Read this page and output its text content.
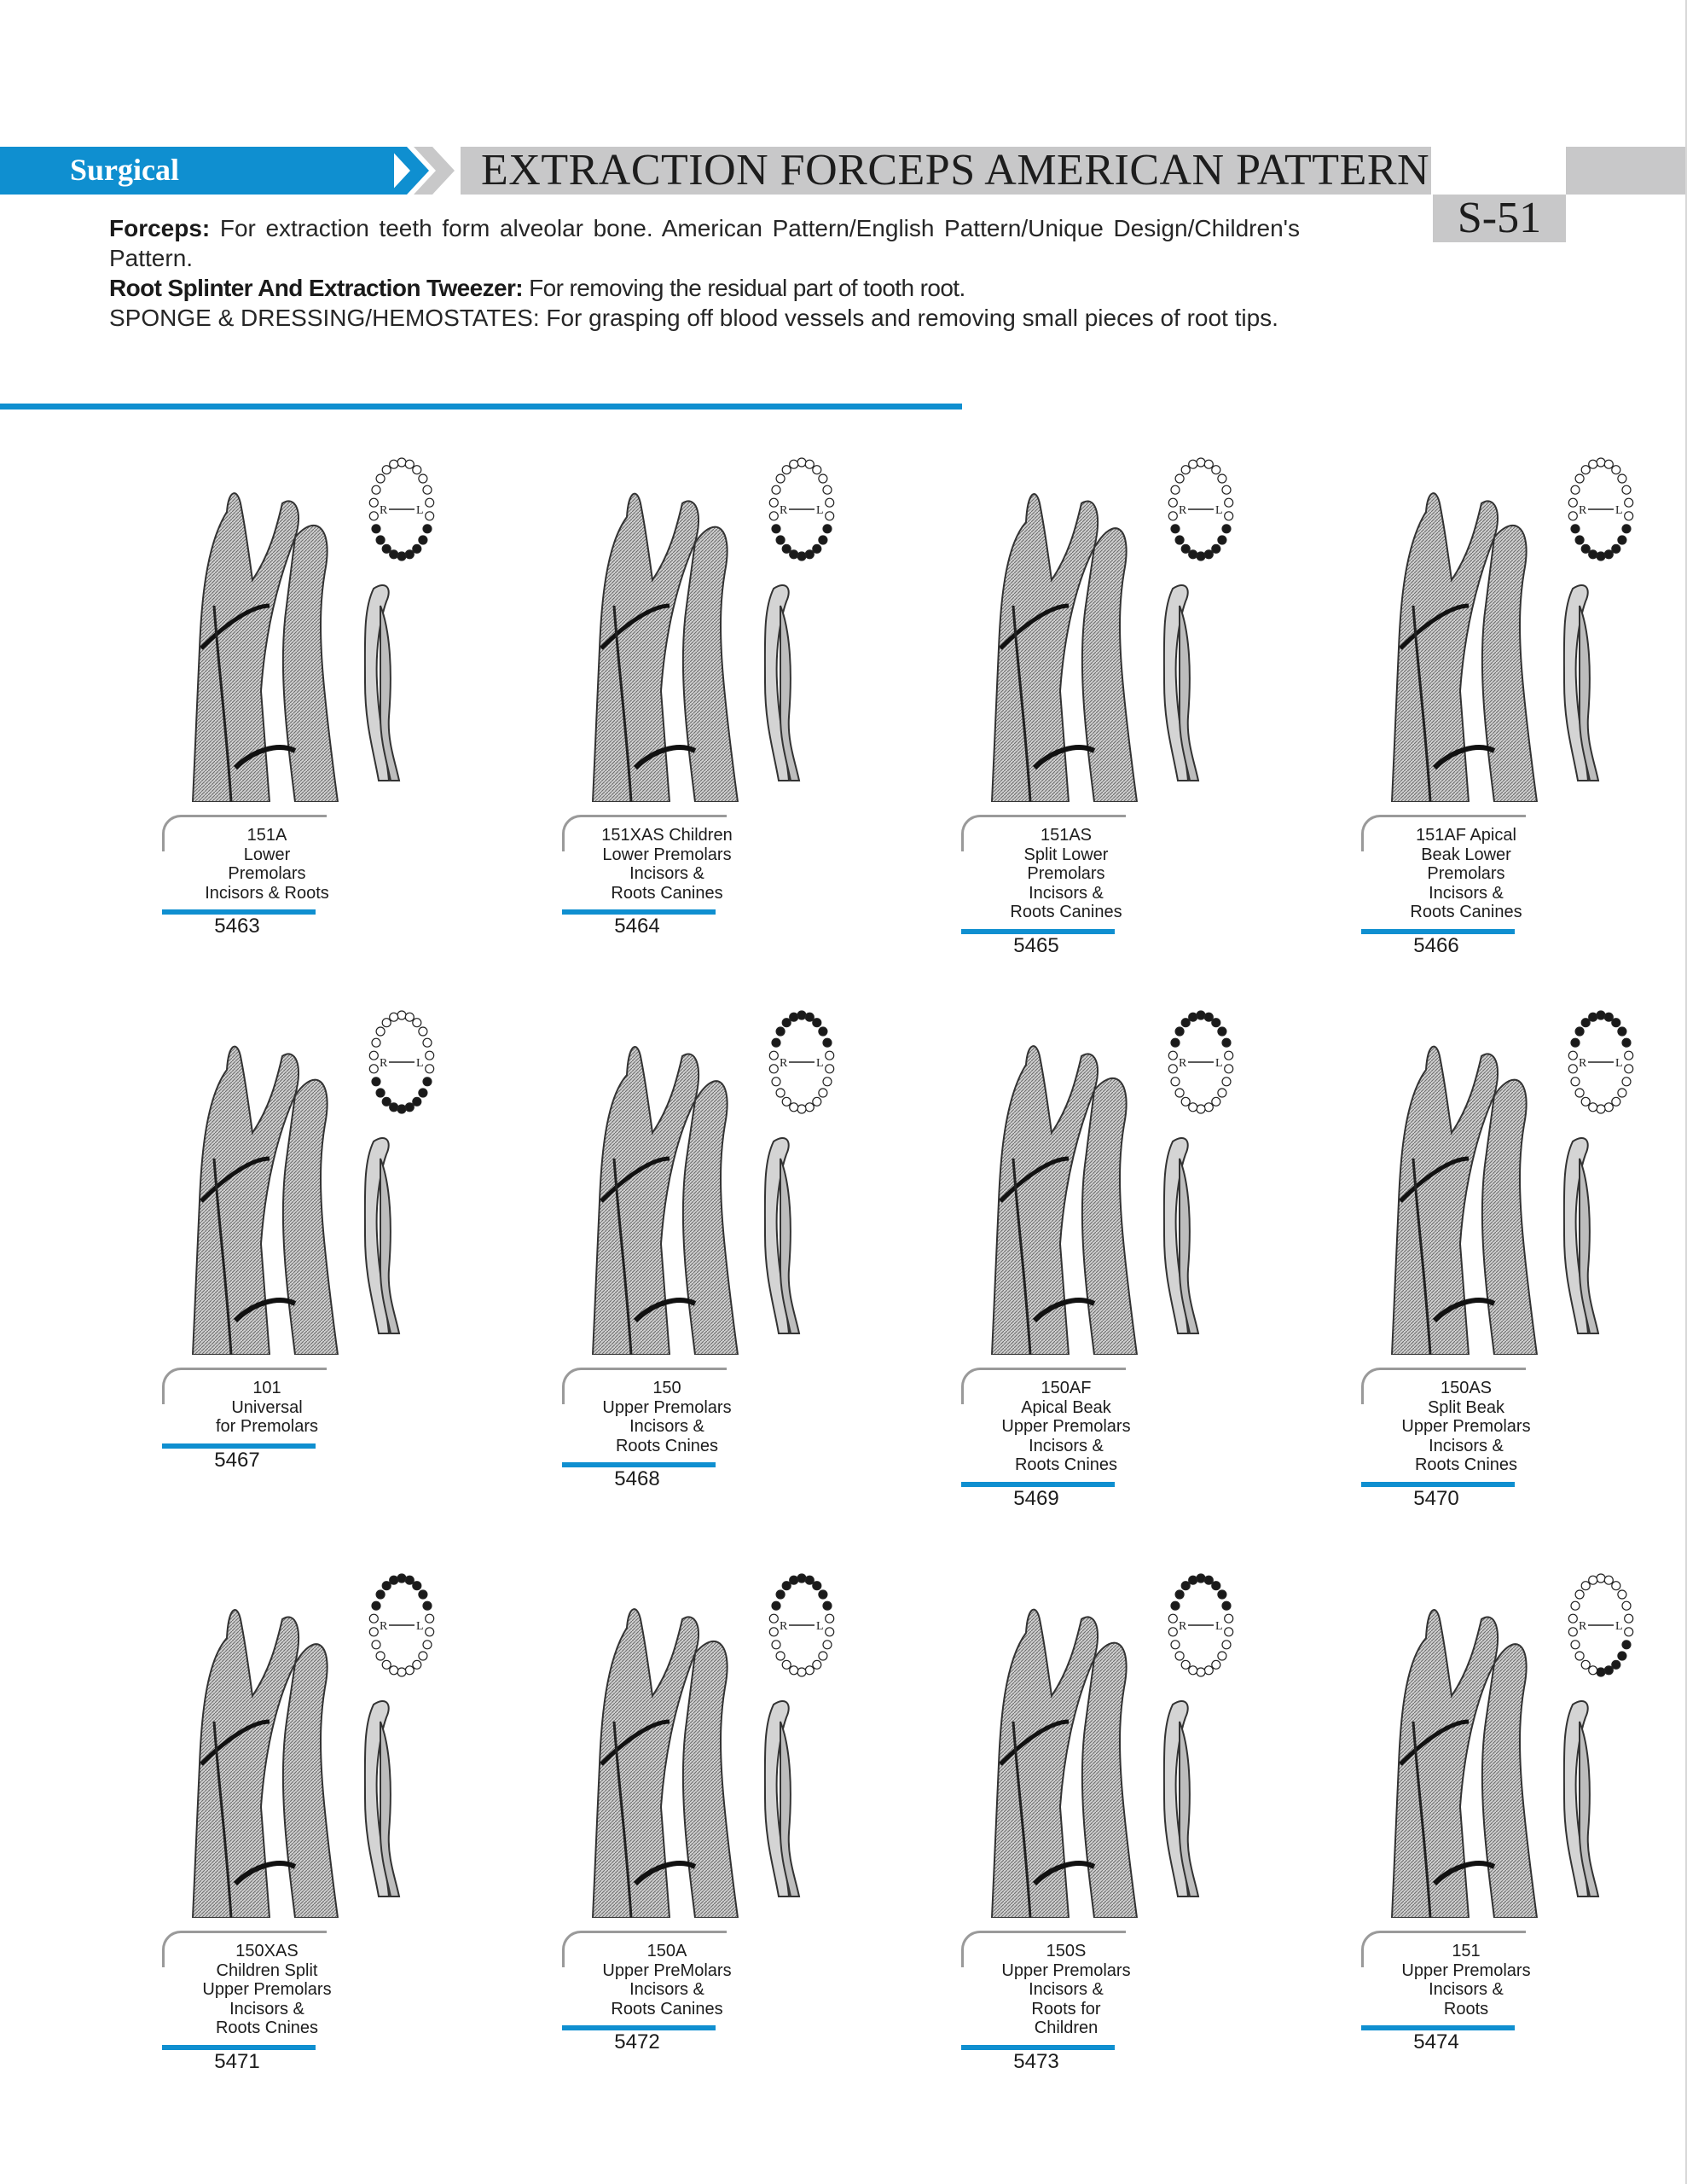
Surgical	EXTRACTION FORCEPS AMERICAN PATTERN
S-51

Forceps: For extraction teeth form alveolar bone. American Pattern/English Pattern/Unique Design/Children's Pattern.

Root Splinter And Extraction Tweezer: For removing the residual part of tooth root.

SPONGE & DRESSING/HEMOSTATES: For grasping off blood vessels and removing small pieces of root tips.

R L
151A
Lower
Premolars
Incisors & Roots
5463
R L
151XAS Children
Lower Premolars
Incisors &
Roots Canines
5464
R L
151AS
Split Lower
Premolars
Incisors &
Roots Canines
5465
R L
151AF Apical
Beak Lower
Premolars
Incisors &
Roots Canines
5466
R L
101
Universal
for Premolars
5467
R L
150
Upper Premolars
Incisors &
Roots Cnines
5468
R L
150AF
Apical Beak
Upper Premolars
Incisors &
Roots Cnines
5469
R L
150AS
Split Beak
Upper Premolars
Incisors &
Roots Cnines
5470
R L
150XAS
Children Split
Upper Premolars
Incisors &
Roots Cnines
5471
R L
150A
Upper PreMolars
Incisors &
Roots Canines
5472
R L
150S
Upper Premolars
Incisors &
Roots for
Children
5473
R L
151
Upper Premolars
Incisors &
Roots
5474
